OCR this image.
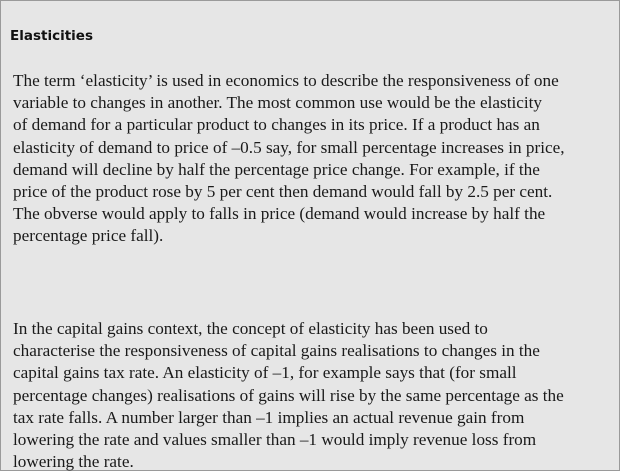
Elasticities

The term ‘elasticity’ is used in economics to describe the responsiveness of one
variable to changes in another. The most common use would be the elasticity
of demand for a particular product to changes in its price. If a product has an
elasticity of demand to price of –0.5 say, for small percentage increases in price,
demand will decline by half the percentage price change. For example, if the
price of the product rose by 5 per cent then demand would fall by 2.5 per cent.
The obverse would apply to falls in price (demand would increase by half the
percentage price fall).

In the capital gains context, the concept of elasticity has been used to
characterise the responsiveness of capital gains realisations to changes in the
capital gains tax rate. An elasticity of –1, for example says that (for small
percentage changes) realisations of gains will rise by the same percentage as the
tax rate falls. A number larger than –1 implies an actual revenue gain from
lowering the rate and values smaller than –1 would imply revenue loss from
lowering the rate.
